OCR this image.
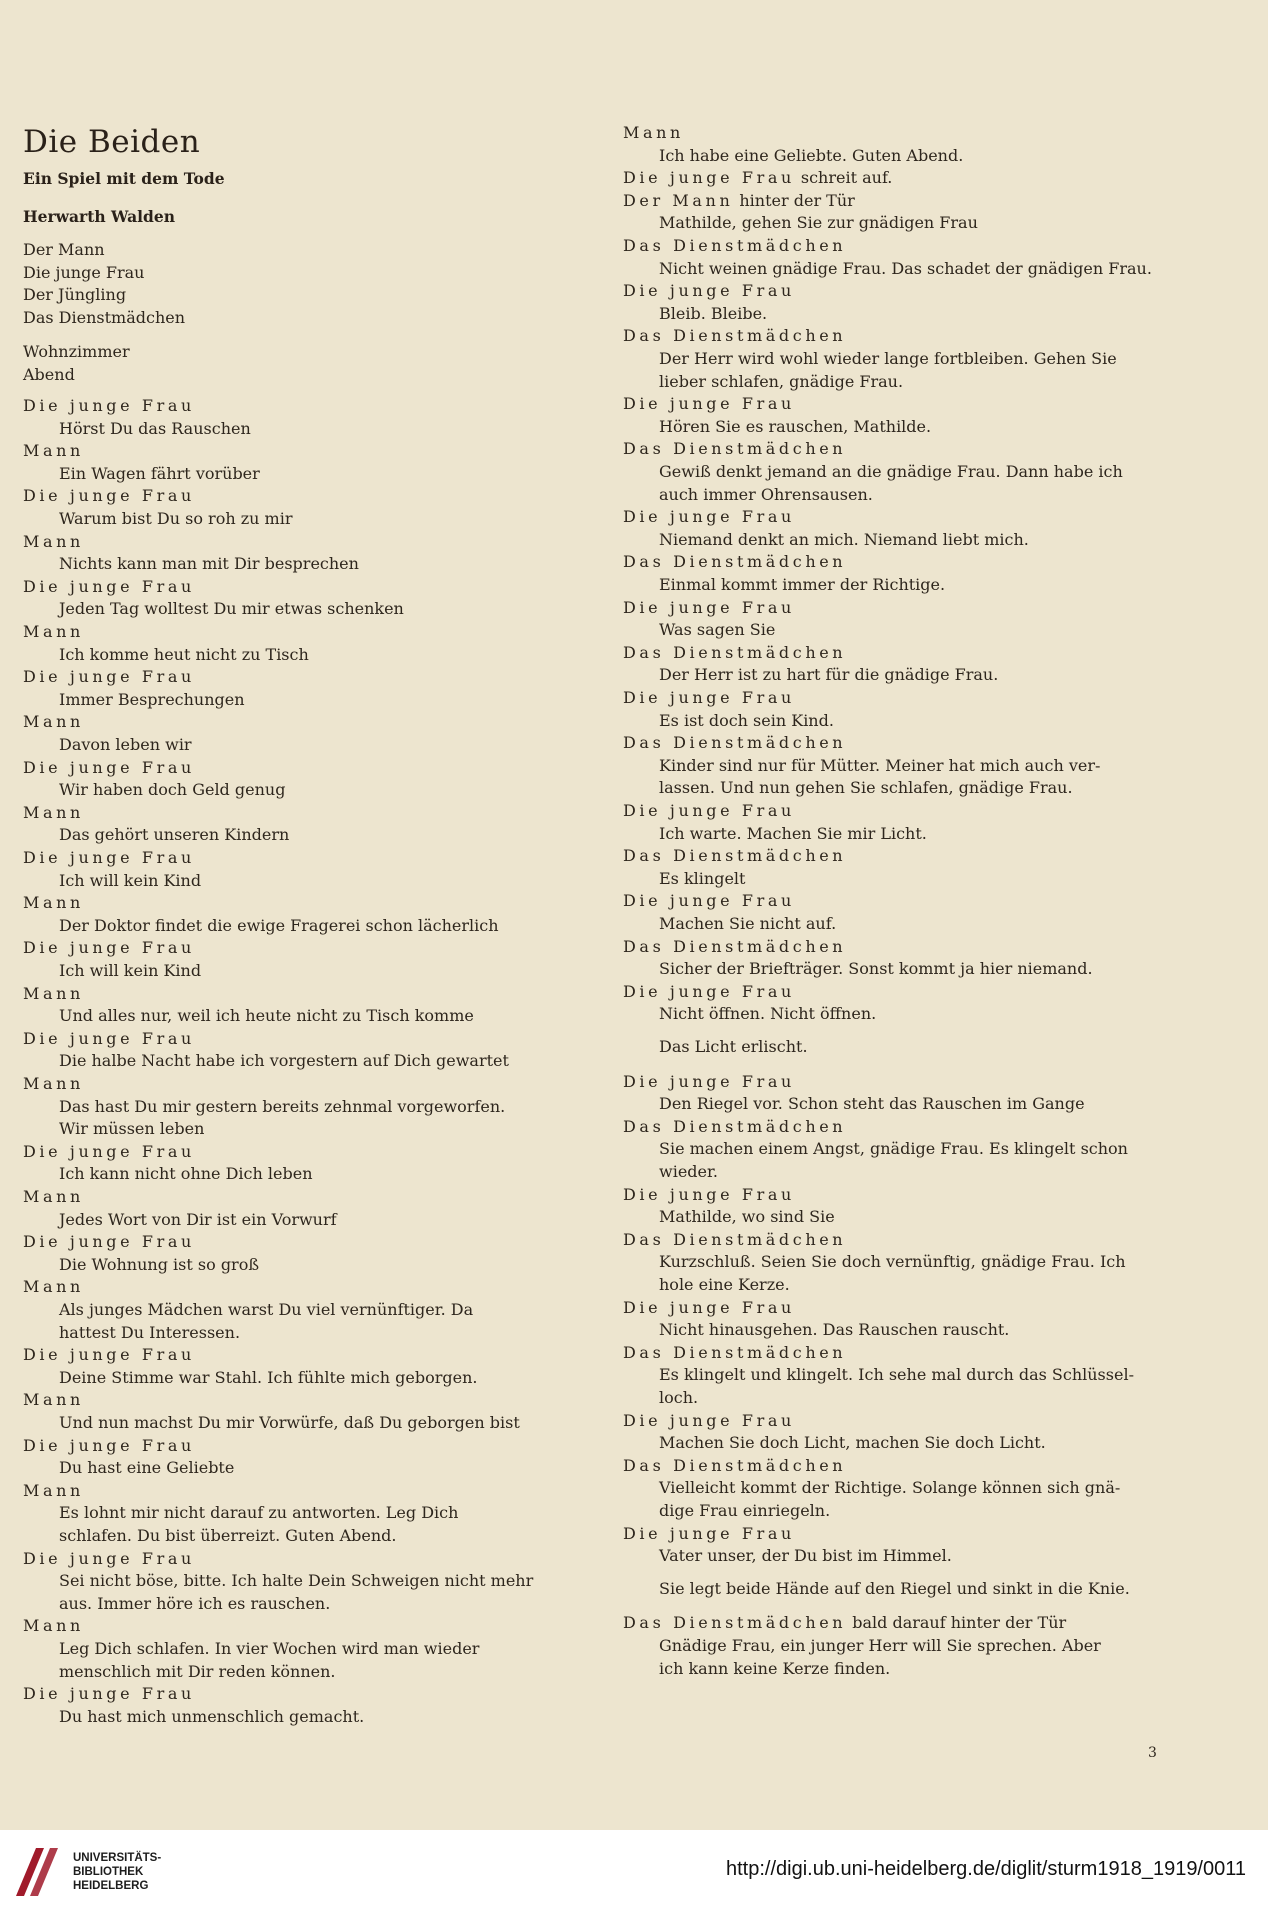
Die Beiden
Ein Spiel mit dem Tode
Herwarth Walden
Der Mann
Die junge Frau
Der Jüngling
Das Dienstmädchen
Wohnzimmer
Abend
Die junge Frau
Hörst Du das Rauschen
Mann
Ein Wagen fährt vorüber
Die junge Frau
Warum bist Du so roh zu mir
Mann
Nichts kann man mit Dir besprechen
Die junge Frau
Jeden Tag wolltest Du mir etwas schenken
Mann
Ich komme heut nicht zu Tisch
Die junge Frau
Immer Besprechungen
Mann
Davon leben wir
Die junge Frau
Wir haben doch Geld genug
Mann
Das gehört unseren Kindern
Die junge Frau
Ich will kein Kind
Mann
Der Doktor findet die ewige Fragerei schon lächerlich
Die junge Frau
Ich will kein Kind
Mann
Und alles nur, weil ich heute nicht zu Tisch komme
Die junge Frau
Die halbe Nacht habe ich vorgestern auf Dich gewartet
Mann
Das hast Du mir gestern bereits zehnmal vorgeworfen.
Wir müssen leben
Die junge Frau
Ich kann nicht ohne Dich leben
Mann
Jedes Wort von Dir ist ein Vorwurf
Die junge Frau
Die Wohnung ist so groß
Mann
Als junges Mädchen warst Du viel vernünftiger. Da
hattest Du Interessen.
Die junge Frau
Deine Stimme war Stahl. Ich fühlte mich geborgen.
Mann
Und nun machst Du mir Vorwürfe, daß Du geborgen bist
Die junge Frau
Du hast eine Geliebte
Mann
Es lohnt mir nicht darauf zu antworten. Leg Dich
schlafen. Du bist überreizt. Guten Abend.
Die junge Frau
Sei nicht böse, bitte. Ich halte Dein Schweigen nicht mehr
aus. Immer höre ich es rauschen.
Mann
Leg Dich schlafen. In vier Wochen wird man wieder
menschlich mit Dir reden können.
Die junge Frau
Du hast mich unmenschlich gemacht.
Mann
Ich habe eine Geliebte. Guten Abend.
Die junge Frau schreit auf.
Der Mann hinter der Tür
Mathilde, gehen Sie zur gnädigen Frau
Das Dienstmädchen
Nicht weinen gnädige Frau. Das schadet der gnädigen Frau.
Die junge Frau
Bleib. Bleibe.
Das Dienstmädchen
Der Herr wird wohl wieder lange fortbleiben. Gehen Sie
lieber schlafen, gnädige Frau.
Die junge Frau
Hören Sie es rauschen, Mathilde.
Das Dienstmädchen
Gewiß denkt jemand an die gnädige Frau. Dann habe ich
auch immer Ohrensausen.
Die junge Frau
Niemand denkt an mich. Niemand liebt mich.
Das Dienstmädchen
Einmal kommt immer der Richtige.
Die junge Frau
Was sagen Sie
Das Dienstmädchen
Der Herr ist zu hart für die gnädige Frau.
Die junge Frau
Es ist doch sein Kind.
Das Dienstmädchen
Kinder sind nur für Mütter. Meiner hat mich auch ver-
lassen. Und nun gehen Sie schlafen, gnädige Frau.
Die junge Frau
Ich warte. Machen Sie mir Licht.
Das Dienstmädchen
Es klingelt
Die junge Frau
Machen Sie nicht auf.
Das Dienstmädchen
Sicher der Briefträger. Sonst kommt ja hier niemand.
Die junge Frau
Nicht öffnen. Nicht öffnen.
Das Licht erlischt.
Die junge Frau
Den Riegel vor. Schon steht das Rauschen im Gange
Das Dienstmädchen
Sie machen einem Angst, gnädige Frau. Es klingelt schon
wieder.
Die junge Frau
Mathilde, wo sind Sie
Das Dienstmädchen
Kurzschluß. Seien Sie doch vernünftig, gnädige Frau. Ich
hole eine Kerze.
Die junge Frau
Nicht hinausgehen. Das Rauschen rauscht.
Das Dienstmädchen
Es klingelt und klingelt. Ich sehe mal durch das Schlüssel-
loch.
Die junge Frau
Machen Sie doch Licht, machen Sie doch Licht.
Das Dienstmädchen
Vielleicht kommt der Richtige. Solange können sich gnä-
dige Frau einriegeln.
Die junge Frau
Vater unser, der Du bist im Himmel.
Sie legt beide Hände auf den Riegel und sinkt in die Knie.
Das Dienstmädchen bald darauf hinter der Tür
Gnädige Frau, ein junger Herr will Sie sprechen. Aber
ich kann keine Kerze finden.
3
UNIVERSITÄTS-
BIBLIOTHEK
HEIDELBERG
http://digi.ub.uni-heidelberg.de/diglit/sturm1918_1919/0011
